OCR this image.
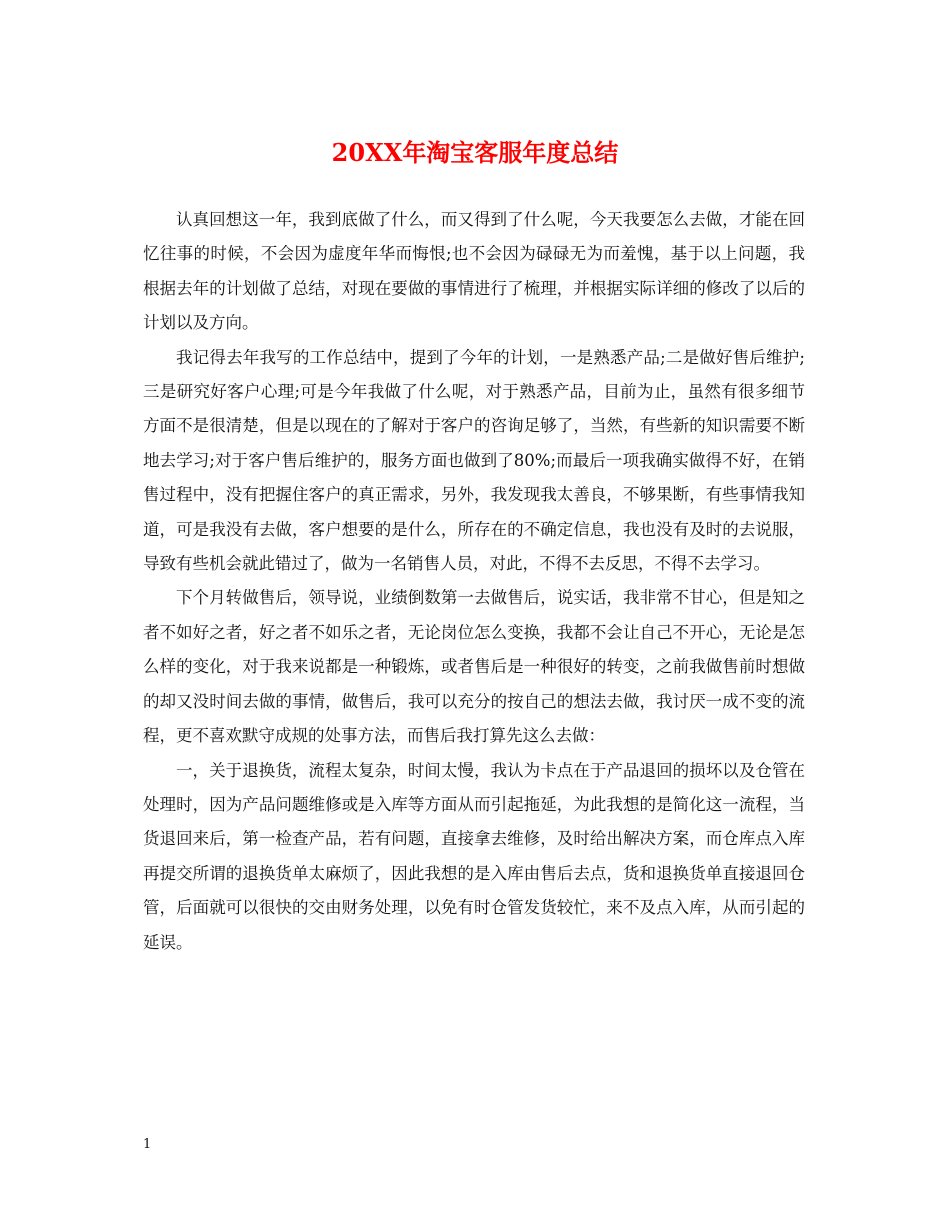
20XX年淘宝客服年度总结

认真回想这一年，我到底做了什么，而又得到了什么呢，今天我要怎么去做，才能在回忆往事的时候，不会因为虚度年华而悔恨;也不会因为碌碌无为而羞愧，基于以上问题，我根据去年的计划做了总结，对现在要做的事情进行了梳理，并根据实际详细的修改了以后的计划以及方向。

我记得去年我写的工作总结中，提到了今年的计划，一是熟悉产品;二是做好售后维护;三是研究好客户心理;可是今年我做了什么呢，对于熟悉产品，目前为止，虽然有很多细节方面不是很清楚，但是以现在的了解对于客户的咨询足够了，当然，有些新的知识需要不断地去学习;对于客户售后维护的，服务方面也做到了80%;而最后一项我确实做得不好，在销售过程中，没有把握住客户的真正需求，另外，我发现我太善良，不够果断，有些事情我知道，可是我没有去做，客户想要的是什么，所存在的不确定信息，我也没有及时的去说服，导致有些机会就此错过了，做为一名销售人员，对此，不得不去反思，不得不去学习。

下个月转做售后，领导说，业绩倒数第一去做售后，说实话，我非常不甘心，但是知之者不如好之者，好之者不如乐之者，无论岗位怎么变换，我都不会让自己不开心，无论是怎么样的变化，对于我来说都是一种锻炼，或者售后是一种很好的转变，之前我做售前时想做的却又没时间去做的事情，做售后，我可以充分的按自己的想法去做，我讨厌一成不变的流程，更不喜欢默守成规的处事方法，而售后我打算先这么去做：

一，关于退换货，流程太复杂，时间太慢，我认为卡点在于产品退回的损坏以及仓管在处理时，因为产品问题维修或是入库等方面从而引起拖延，为此我想的是简化这一流程，当货退回来后，第一检查产品，若有问题，直接拿去维修，及时给出解决方案，而仓库点入库再提交所谓的退换货单太麻烦了，因此我想的是入库由售后去点，货和退换货单直接退回仓管，后面就可以很快的交由财务处理，以免有时仓管发货较忙，来不及点入库，从而引起的延误。

1
